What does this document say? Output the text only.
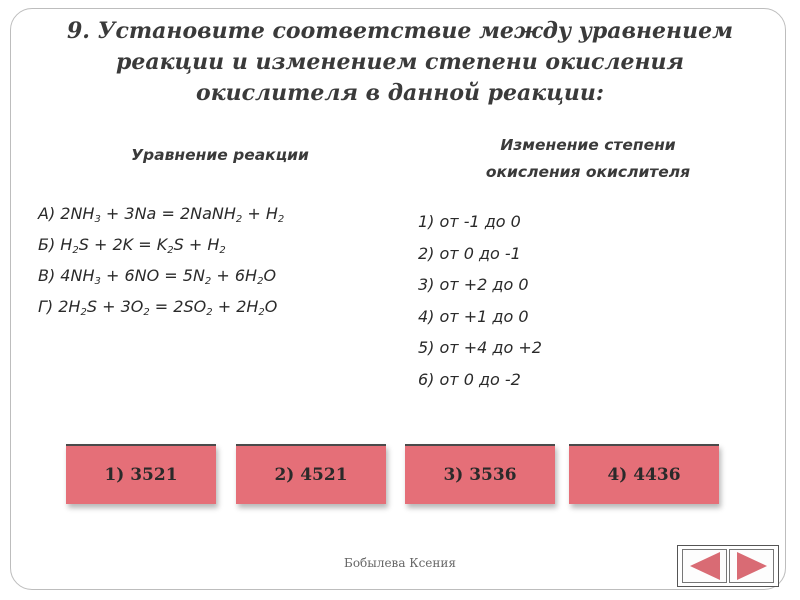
9. Установите соответствие между уравнением
реакции и изменением степени окисления
окислителя в данной реакции:
Уравнение реакции
Изменение степени
окисления окислителя
А) $2NH_3 + 3Na$ = 2NaNH$_2$ + $H_2$
Б) $H_2S + 2K = K_2S + H_2$
В) $4NH_3 + 6NO = 5N_2 + 6H_2O$
Г) $2H_2S + 3O_2 = 2SO_2 + 2H_2O$
1) от -1 до 0
2) от 0 до -1
3) от +2 до 0
4) от +1 до 0
5) от +4 до +2
6) от 0 до -2
1) 3521	2) 4521	3) 3536	4) 4436
Бобылева Ксения
